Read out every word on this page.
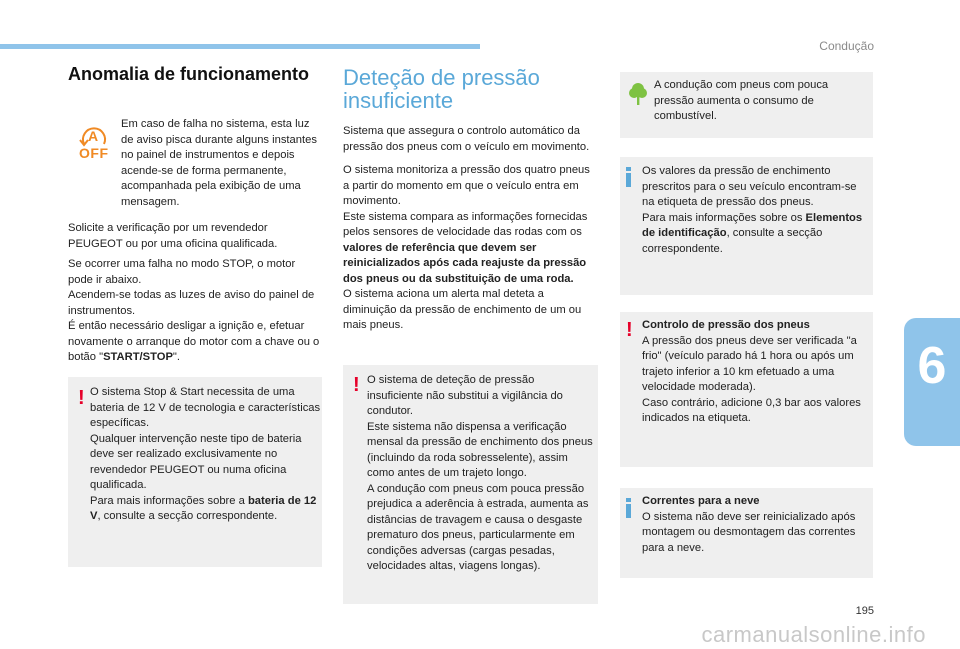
Condução
6
Anomalia de funcionamento
A
OFF

Em caso de falha no sistema, esta luz de aviso pisca durante alguns instantes no painel de instrumentos e depois acende-se de forma permanente, acompanhada pela exibição de uma mensagem.

Solicite a verificação por um revendedor PEUGEOT ou por uma oficina qualificada.

Se ocorrer uma falha no modo STOP, o motor pode ir abaixo.

Acendem-se todas as luzes de aviso do painel de instrumentos.

É então necessário desligar a ignição e, efetuar novamente o arranque do motor com a chave ou o botão "START/STOP".

! O sistema Stop & Start necessita de uma bateria de 12 V de tecnologia e características específicas.

Qualquer intervenção neste tipo de bateria deve ser realizado exclusivamente no revendedor PEUGEOT ou numa oficina qualificada.

Para mais informações sobre a bateria de 12 V, consulte a secção correspondente.

Deteção de pressão insuficiente

Sistema que assegura o controlo automático da pressão dos pneus com o veículo em movimento.

O sistema monitoriza a pressão dos quatro pneus a partir do momento em que o veículo entra em movimento.

Este sistema compara as informações fornecidas pelos sensores de velocidade das rodas com os valores de referência que devem ser reinicializados após cada reajuste da pressão dos pneus ou da substituição de uma roda.

O sistema aciona um alerta mal deteta a diminuição da pressão de enchimento de um ou mais pneus.

! O sistema de deteção de pressão insuficiente não substitui a vigilância do condutor.

Este sistema não dispensa a verificação mensal da pressão de enchimento dos pneus (incluindo da roda sobresselente), assim como antes de um trajeto longo.

A condução com pneus com pouca pressão prejudica a aderência à estrada, aumenta as distâncias de travagem e causa o desgaste prematuro dos pneus, particularmente em condições adversas (cargas pesadas, velocidades altas, viagens longas).

A condução com pneus com pouca pressão aumenta o consumo de combustível.

Os valores da pressão de enchimento prescritos para o seu veículo encontram-se na etiqueta de pressão dos pneus.

Para mais informações sobre os Elementos de identificação, consulte a secção correspondente.

! Controlo de pressão dos pneus

A pressão dos pneus deve ser verificada "a frio" (veículo parado há 1 hora ou após um trajeto inferior a 10 km efetuado a uma velocidade moderada).

Caso contrário, adicione 0,3 bar aos valores indicados na etiqueta.

Correntes para a neve

O sistema não deve ser reinicializado após montagem ou desmontagem das correntes para a neve.

195
carmanualsonline.info
